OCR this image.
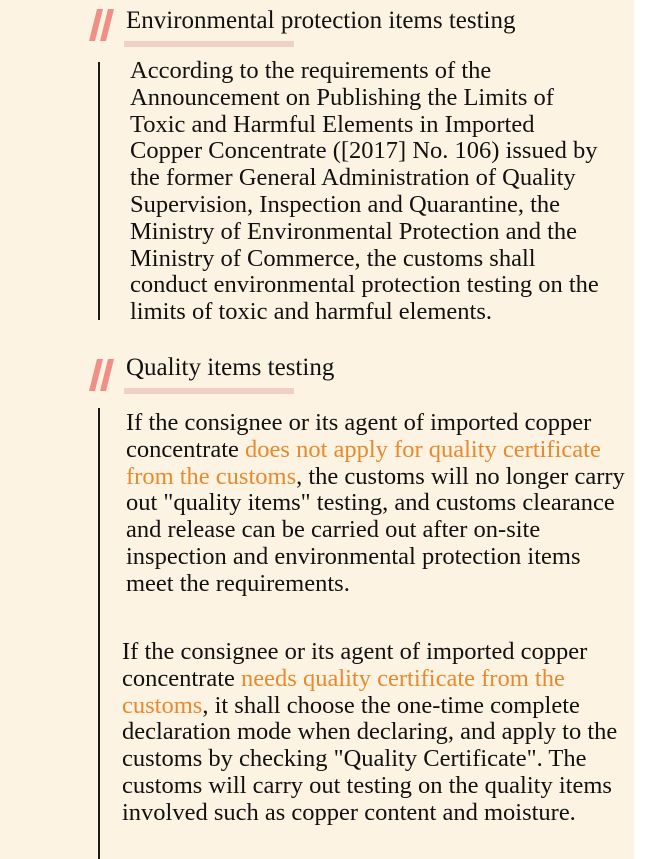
Environmental protection items testing

According to the requirements of the Announcement on Publishing the Limits of Toxic and Harmful Elements in Imported Copper Concentrate ([2017] No. 106) issued by the former General Administration of Quality Supervision, Inspection and Quarantine, the Ministry of Environmental Protection and the Ministry of Commerce, the customs shall conduct environmental protection testing on the limits of toxic and harmful elements.

Quality items testing

If the consignee or its agent of imported copper concentrate does not apply for quality certificate from the customs, the customs will no longer carry out "quality items" testing, and customs clearance and release can be carried out after on-site inspection and environmental protection items meet the requirements.

If the consignee or its agent of imported copper concentrate needs quality certificate from the customs, it shall choose the one-time complete declaration mode when declaring, and apply to the customs by checking "Quality Certificate". The customs will carry out testing on the quality items involved such as copper content and moisture.
